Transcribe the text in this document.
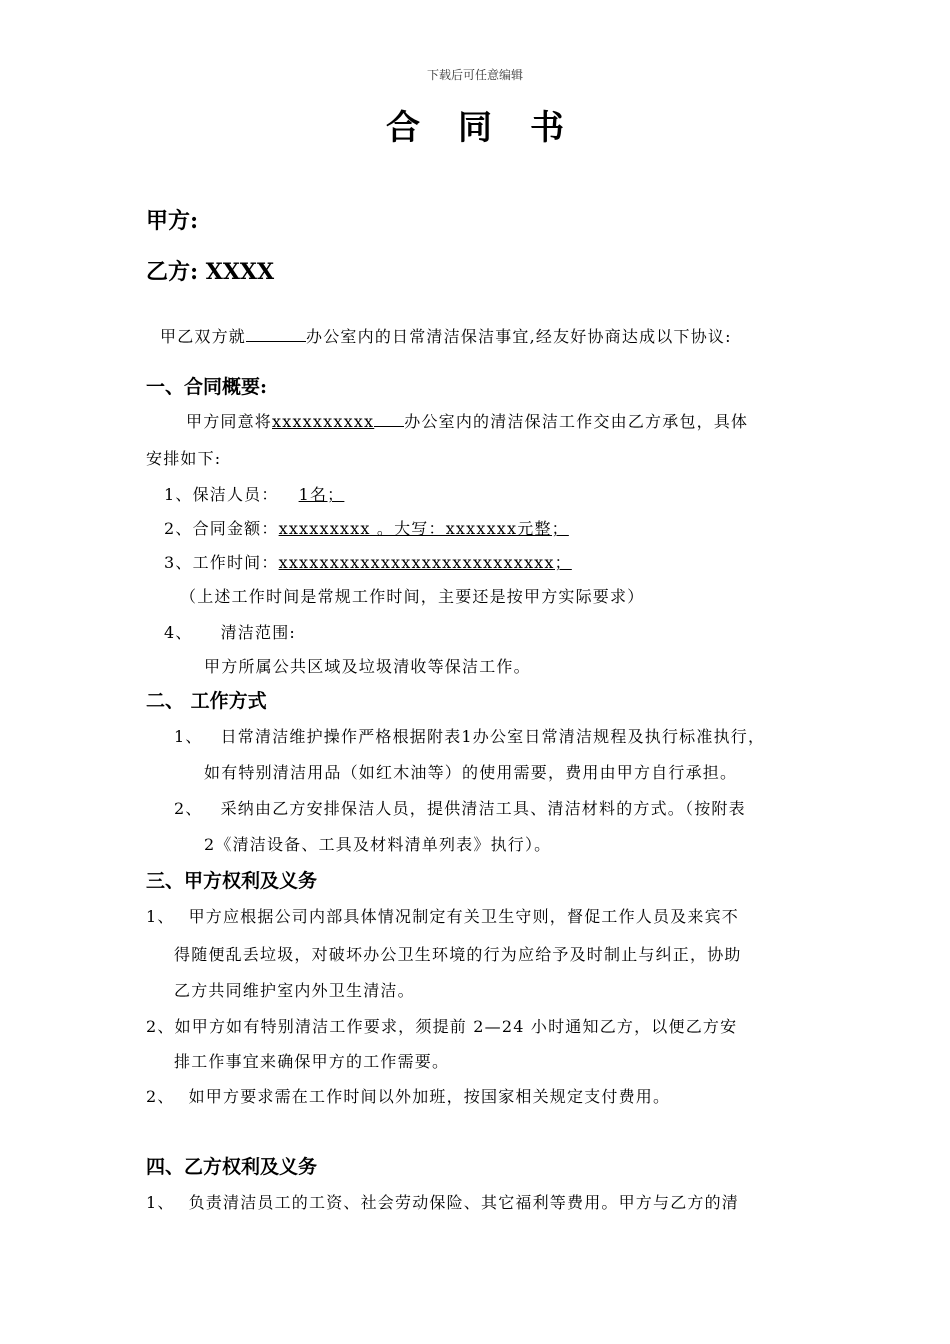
下载后可任意编辑
合同书
甲方:
乙方: XXXX
甲乙双方就	办公室内的日常清洁保洁事宜,经友好协商达成以下协议:
一、合同概要:
甲方同意将xxxxxxxxxx 办公室内的清洁保洁工作交由乙方承包，具体
安排如下:
1、保洁人员： 1名；
2、合同金额：xxxxxxxxx 。大写：xxxxxxx元整；
3、工作时间：xxxxxxxxxxxxxxxxxxxxxxxxxxx；
（上述工作时间是常规工作时间，主要还是按甲方实际要求）
4、 清洁范围:
甲方所属公共区域及垃圾清收等保洁工作。
二、 工作方式
1、 日常清洁维护操作严格根据附表1办公室日常清洁规程及执行标准执行，
如有特别清洁用品（如红木油等）的使用需要，费用由甲方自行承担。
2、 采纳由乙方安排保洁人员，提供清洁工具、清洁材料的方式。（按附表
2《清洁设备、工具及材料清单列表》执行）。
三、甲方权利及义务
1、 甲方应根据公司内部具体情况制定有关卫生守则，督促工作人员及来宾不
得随便乱丢垃圾，对破坏办公卫生环境的行为应给予及时制止与纠正，协助
乙方共同维护室内外卫生清洁。
2、如甲方如有特别清洁工作要求，须提前 2—24 小时通知乙方，以便乙方安
排工作事宜来确保甲方的工作需要。
2、 如甲方要求需在工作时间以外加班，按国家相关规定支付费用。
四、乙方权利及义务
1、 负责清洁员工的工资、社会劳动保险、其它福利等费用。甲方与乙方的清
